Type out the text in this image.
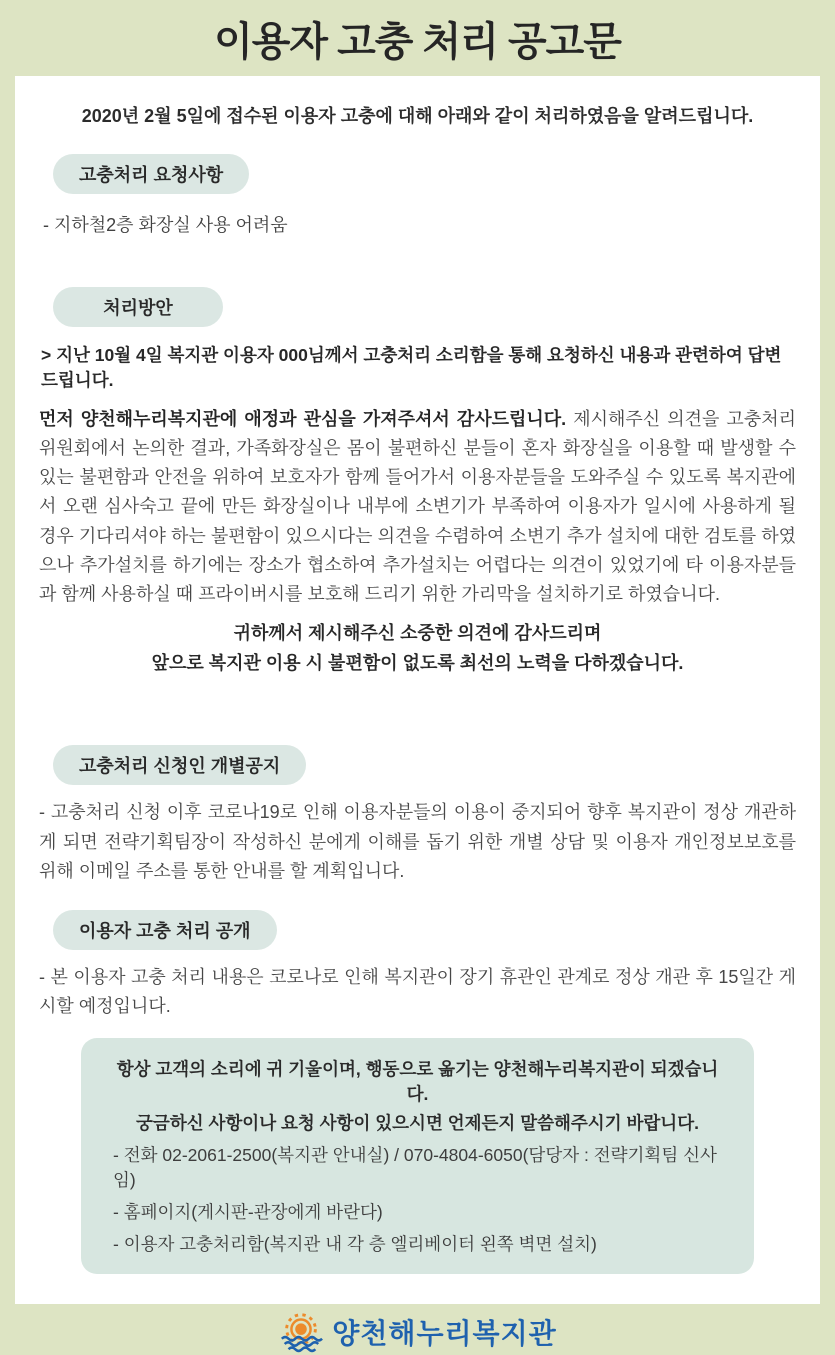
이용자 고충 처리 공고문

2020년 2월 5일에 접수된 이용자 고충에 대해 아래와 같이 처리하였음을 알려드립니다.

고충처리 요청사항

- 지하철2층 화장실 사용 어려움

처리방안

> 지난 10월 4일 복지관 이용자 000님께서 고충처리 소리함을 통해 요청하신 내용과 관련하여 답변드립니다.

먼저 양천해누리복지관에 애정과 관심을 가져주셔서 감사드립니다. 제시해주신 의견을 고충처리위원회에서 논의한 결과, 가족화장실은 몸이 불편하신 분들이 혼자 화장실을 이용할 때 발생할 수 있는 불편함과 안전을 위하여 보호자가 함께 들어가서 이용자분들을 도와주실 수 있도록 복지관에서 오랜 심사숙고 끝에 만든 화장실이나 내부에 소변기가 부족하여 이용자가 일시에 사용하게 될 경우 기다리셔야 하는 불편함이 있으시다는 의견을 수렴하여 소변기 추가 설치에 대한 검토를 하였으나 추가설치를 하기에는 장소가 협소하여 추가설치는 어렵다는 의견이 있었기에 타 이용자분들과 함께 사용하실 때 프라이버시를 보호해 드리기 위한 가리막을 설치하기로 하였습니다.

귀하께서 제시해주신 소중한 의견에 감사드리며

앞으로 복지관 이용 시 불편함이 없도록 최선의 노력을 다하겠습니다.

고충처리 신청인 개별공지

- 고충처리 신청 이후 코로나19로 인해 이용자분들의 이용이 중지되어 향후 복지관이 정상 개관하게 되면 전략기획팀장이 작성하신 분에게 이해를 돕기 위한 개별 상담 및 이용자 개인정보보호를 위해 이메일 주소를 통한 안내를 할 계획입니다.

이용자 고충 처리 공개

- 본 이용자 고충 처리 내용은 코로나로 인해 복지관이 장기 휴관인 관계로 정상 개관 후 15일간 게시할 예정입니다.

항상 고객의 소리에 귀 기울이며, 행동으로 옮기는 양천해누리복지관이 되겠습니다.

궁금하신 사항이나 요청 사항이 있으시면 언제든지 말씀해주시기 바랍니다.

- 전화 02-2061-2500(복지관 안내실) / 070-4804-6050(담당자 : 전략기획팀 신사임)

- 홈페이지(게시판-관장에게 바란다)

- 이용자 고충처리함(복지관 내 각 층 엘리베이터 왼쪽 벽면 설치)

양천해누리복지관
